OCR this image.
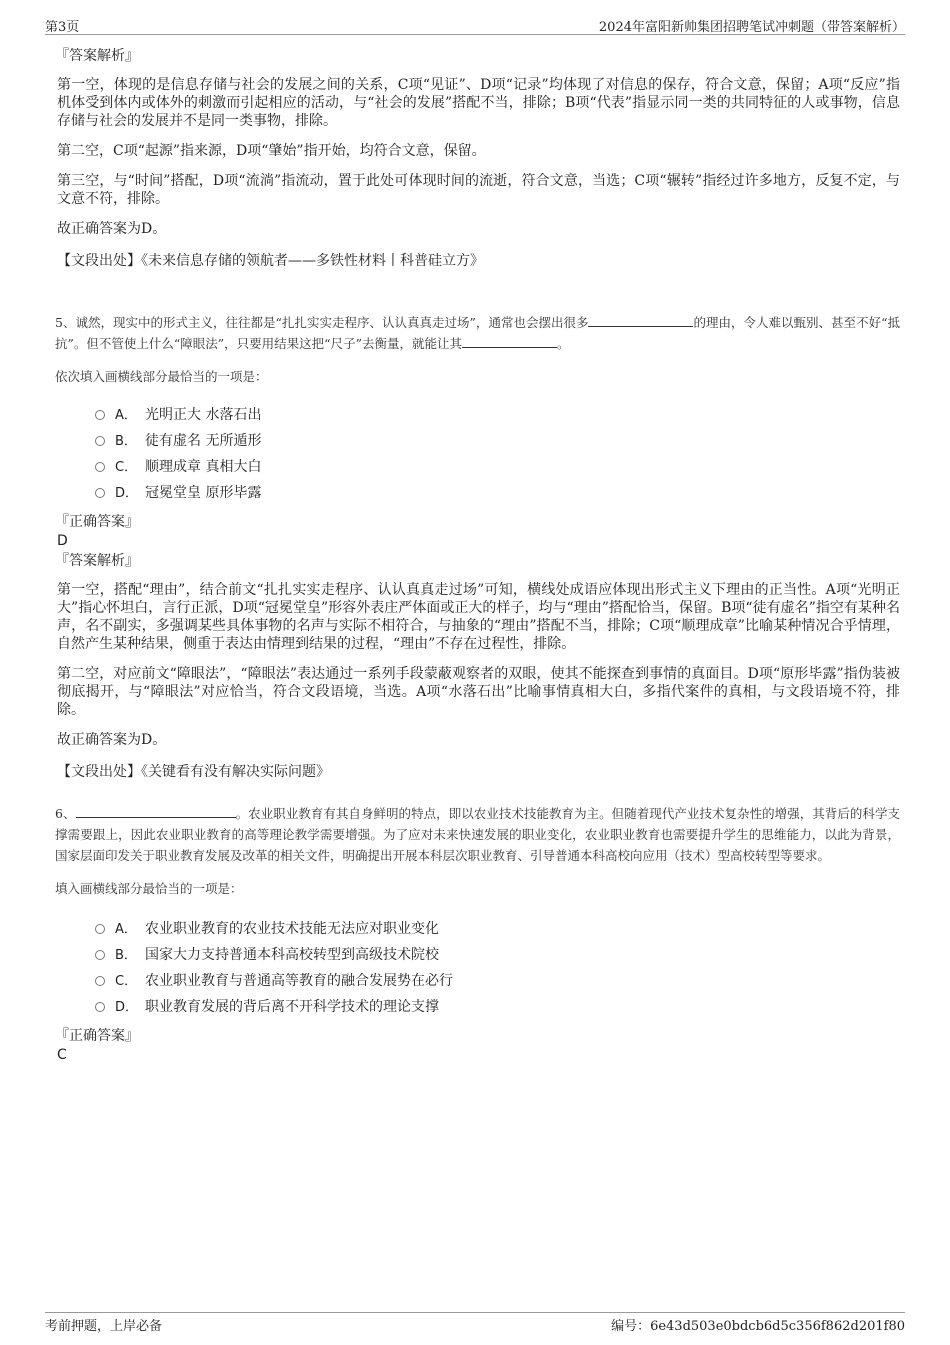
第3页	2024年富阳新帅集团招聘笔试冲刺题（带答案解析）
『答案解析』
第一空，体现的是信息存储与社会的发展之间的关系，C项“见证”、D项“记录”均体现了对信息的保存，符合文意，保留；A项“反应”指机体受到体内或体外的刺激而引起相应的活动，与“社会的发展”搭配不当，排除；B项“代表”指显示同一类的共同特征的人或事物，信息存储与社会的发展并不是同一类事物，排除。
第二空，C项“起源”指来源，D项“肇始”指开始，均符合文意，保留。
第三空，与“时间”搭配，D项“流淌”指流动，置于此处可体现时间的流逝，符合文意，当选；C项“辗转”指经过许多地方，反复不定，与文意不符，排除。
故正确答案为D。
【文段出处】《未来信息存储的领航者——多铁性材料丨科普硅立方》
5、诚然，现实中的形式主义，往往都是“扎扎实实走程序、认认真真走过场”，通常也会摆出很多	的理由，令人难以甄别、甚至不好“抵抗”。但不管使上什么“障眼法”，只要用结果这把“尺子”去衡量，就能让其	。
依次填入画横线部分最恰当的一项是：
A． 光明正大 水落石出
B． 徒有虚名 无所遁形
C． 顺理成章 真相大白
D． 冠冕堂皇 原形毕露
『正确答案』
D
『答案解析』
第一空，搭配“理由”，结合前文“扎扎实实走程序、认认真真走过场”可知，横线处成语应体现出形式主义下理由的正当性。A项“光明正大”指心怀坦白，言行正派，D项“冠冕堂皇”形容外表庄严体面或正大的样子，均与“理由”搭配恰当，保留。B项“徒有虚名”指空有某种名声，名不副实，多强调某些具体事物的名声与实际不相符合，与抽象的“理由”搭配不当，排除；C项“顺理成章”比喻某种情况合乎情理，自然产生某种结果，侧重于表达由情理到结果的过程，“理由”不存在过程性，排除。
第二空，对应前文“障眼法”，“障眼法”表达通过一系列手段蒙蔽观察者的双眼，使其不能探查到事情的真面目。D项“原形毕露”指伪装被彻底揭开，与“障眼法”对应恰当，符合文段语境，当选。A项“水落石出”比喻事情真相大白，多指代案件的真相，与文段语境不符，排除。
故正确答案为D。
【文段出处】《关键看有没有解决实际问题》
6、	。农业职业教育有其自身鲜明的特点，即以农业技术技能教育为主。但随着现代产业技术复杂性的增强，其背后的科学支撑需要跟上，因此农业职业教育的高等理论教学需要增强。为了应对未来快速发展的职业变化，农业职业教育也需要提升学生的思维能力，以此为背景，国家层面印发关于职业教育发展及改革的相关文件，明确提出开展本科层次职业教育、引导普通本科高校向应用（技术）型高校转型等要求。
填入画横线部分最恰当的一项是：
A． 农业职业教育的农业技术技能无法应对职业变化
B． 国家大力支持普通本科高校转型到高级技术院校
C． 农业职业教育与普通高等教育的融合发展势在必行
D． 职业教育发展的背后离不开科学技术的理论支撑
『正确答案』
C
考前押题，上岸必备	编号：6e43d503e0bdcb6d5c356f862d201f80
